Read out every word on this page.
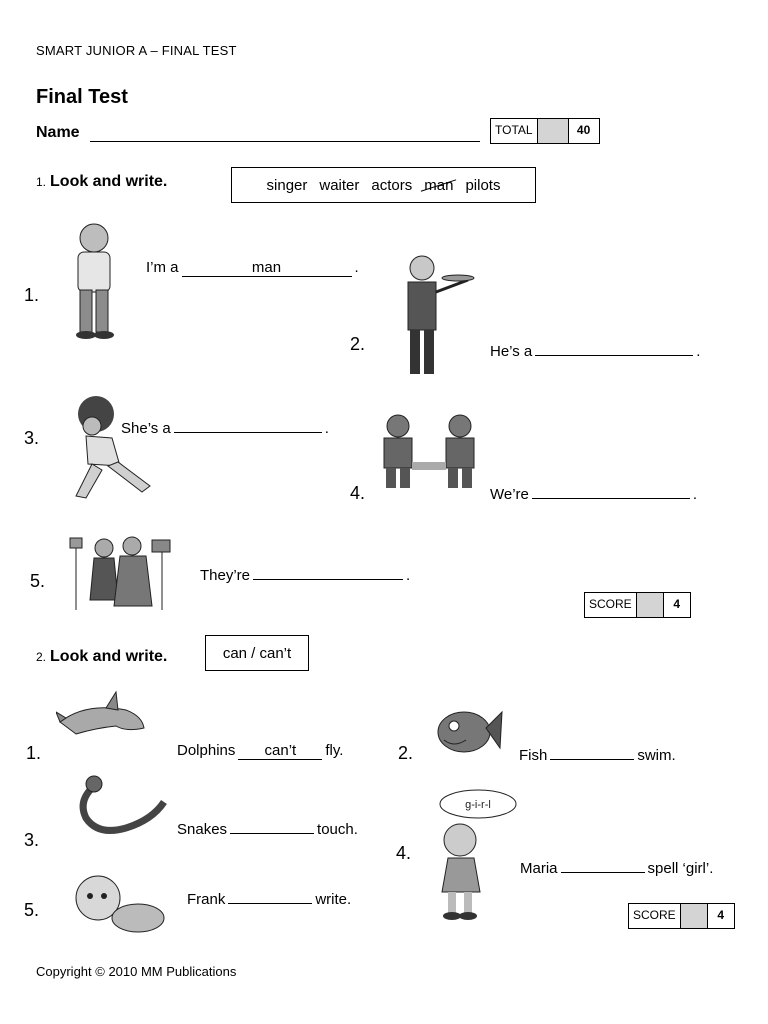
SMART JUNIOR A – FINAL TEST
Final Test
Name	TOTAL	40
1. Look and write.	singer waiter actors man pilots
1.
I’m a	man	.
2.	He’s a	.
3.	She’s a	.
4.	We’re	.
5.	They’re	.
SCORE	4
2. Look and write.	can / can’t
g-i-r-l
1.	Dolphins	can’t	fly.	2.	Fish	swim.
3.
Snakes	touch.
4.
Maria	spell ‘girl’.
5.
Frank	write.
SCORE	4
Copyright © 2010 MM Publications
